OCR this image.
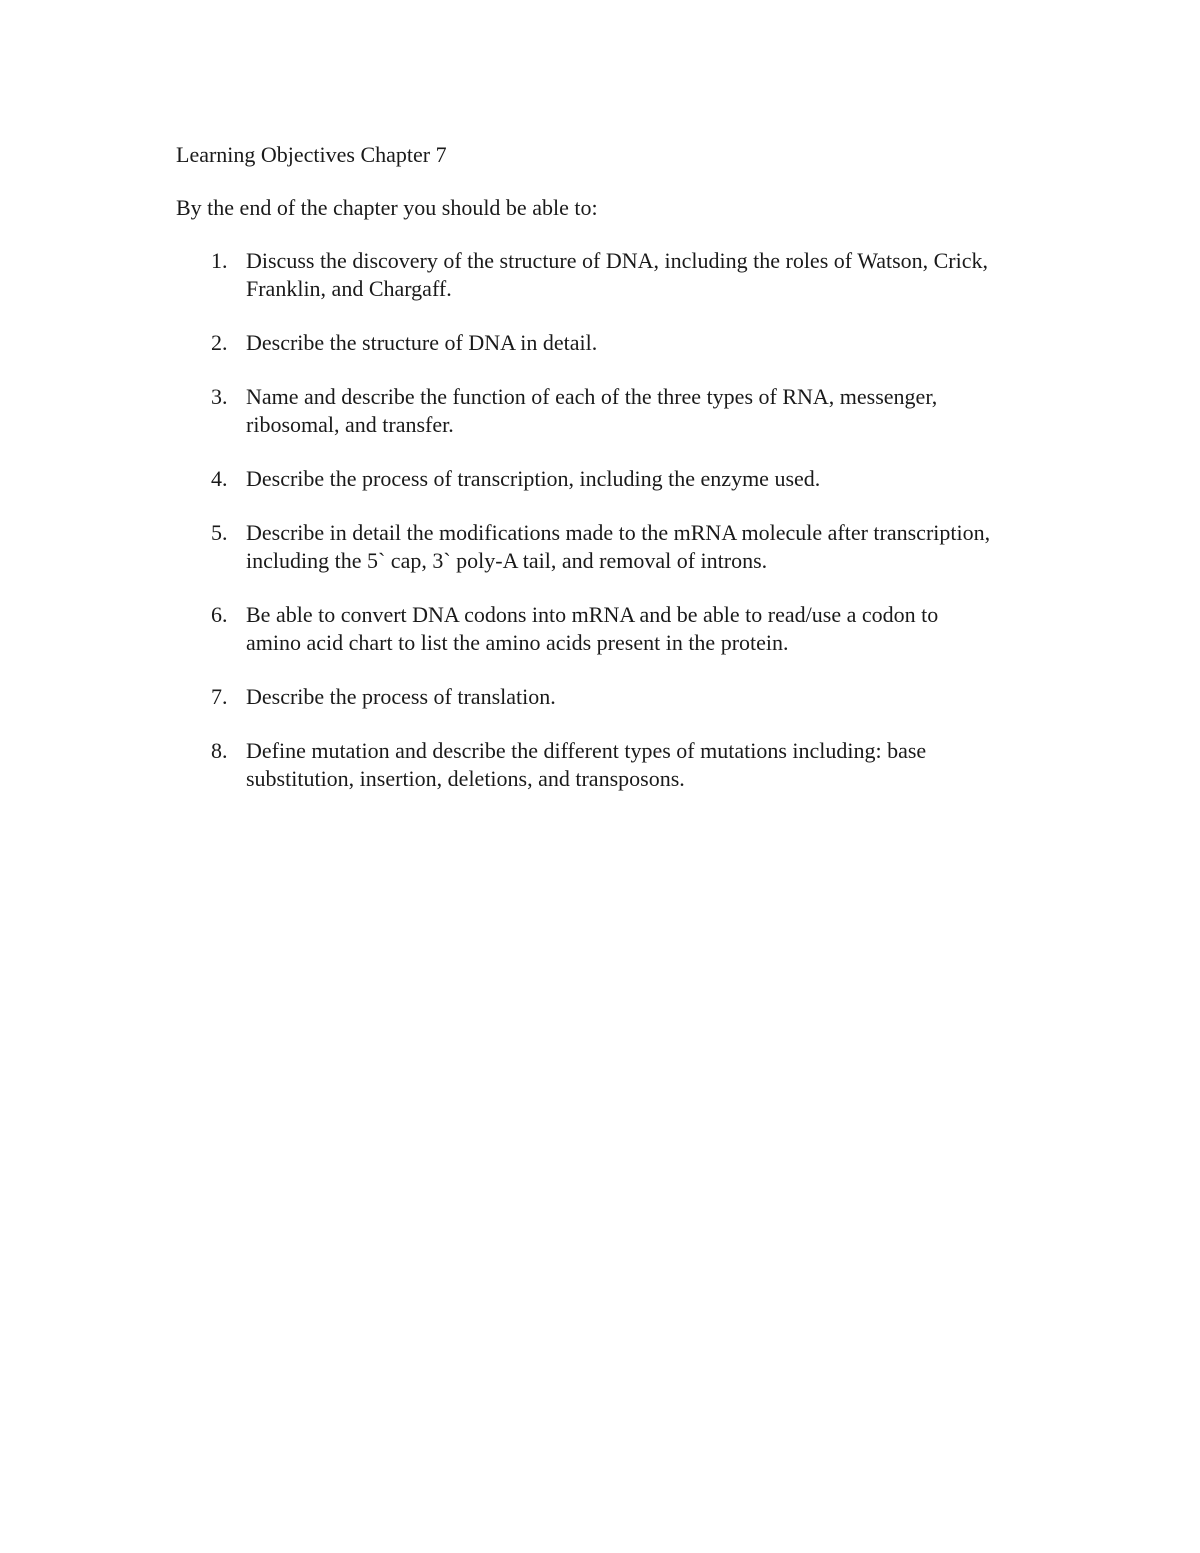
Learning Objectives Chapter 7

By the end of the chapter you should be able to:

1. Discuss the discovery of the structure of DNA, including the roles of Watson, Crick, Franklin, and Chargaff.
2. Describe the structure of DNA in detail.
3. Name and describe the function of each of the three types of RNA, messenger, ribosomal, and transfer.
4. Describe the process of transcription, including the enzyme used.
5. Describe in detail the modifications made to the mRNA molecule after transcription, including the 5` cap, 3` poly-A tail, and removal of introns.
6. Be able to convert DNA codons into mRNA and be able to read/use a codon to amino acid chart to list the amino acids present in the protein.
7. Describe the process of translation.
8. Define mutation and describe the different types of mutations including: base substitution, insertion, deletions, and transposons.
